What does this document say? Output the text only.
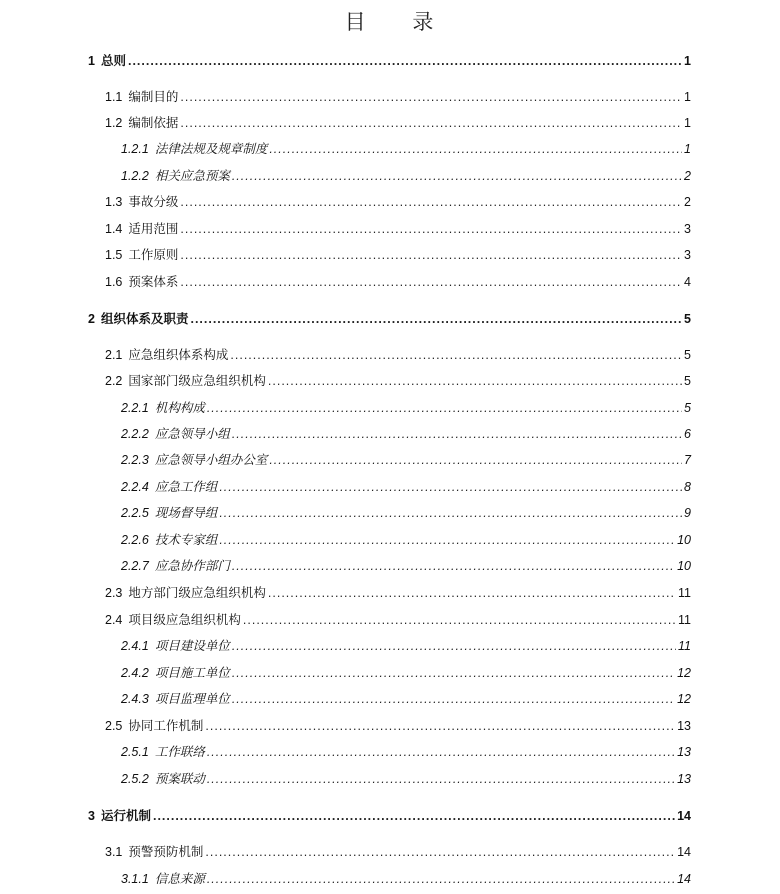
目 录
1 总则 .....	1
1.1 编制目的 .....	1
1.2 编制依据 .....	1
1.2.1 法律法规及规章制度 .....	1
1.2.2 相关应急预案 .....	2
1.3 事故分级 .....	2
1.4 适用范围 .....	3
1.5 工作原则 .....	3
1.6 预案体系 .....	4
2 组织体系及职责 .....	5
2.1 应急组织体系构成 .....	5
2.2 国家部门级应急组织机构 .....	5
2.2.1 机构构成 .....	5
2.2.2 应急领导小组 .....	6
2.2.3 应急领导小组办公室 .....	7
2.2.4 应急工作组 .....	8
2.2.5 现场督导组 .....	9
2.2.6 技术专家组 .....	10
2.2.7 应急协作部门 .....	10
2.3 地方部门级应急组织机构 .....	11
2.4 项目级应急组织机构 .....	11
2.4.1 项目建设单位 .....	11
2.4.2 项目施工单位 .....	12
2.4.3 项目监理单位 .....	12
2.5 协同工作机制 .....	13
2.5.1 工作联络 .....	13
2.5.2 预案联动 .....	13
3 运行机制 .....	14
3.1 预警预防机制 .....	14
3.1.1 信息来源 .....	14
